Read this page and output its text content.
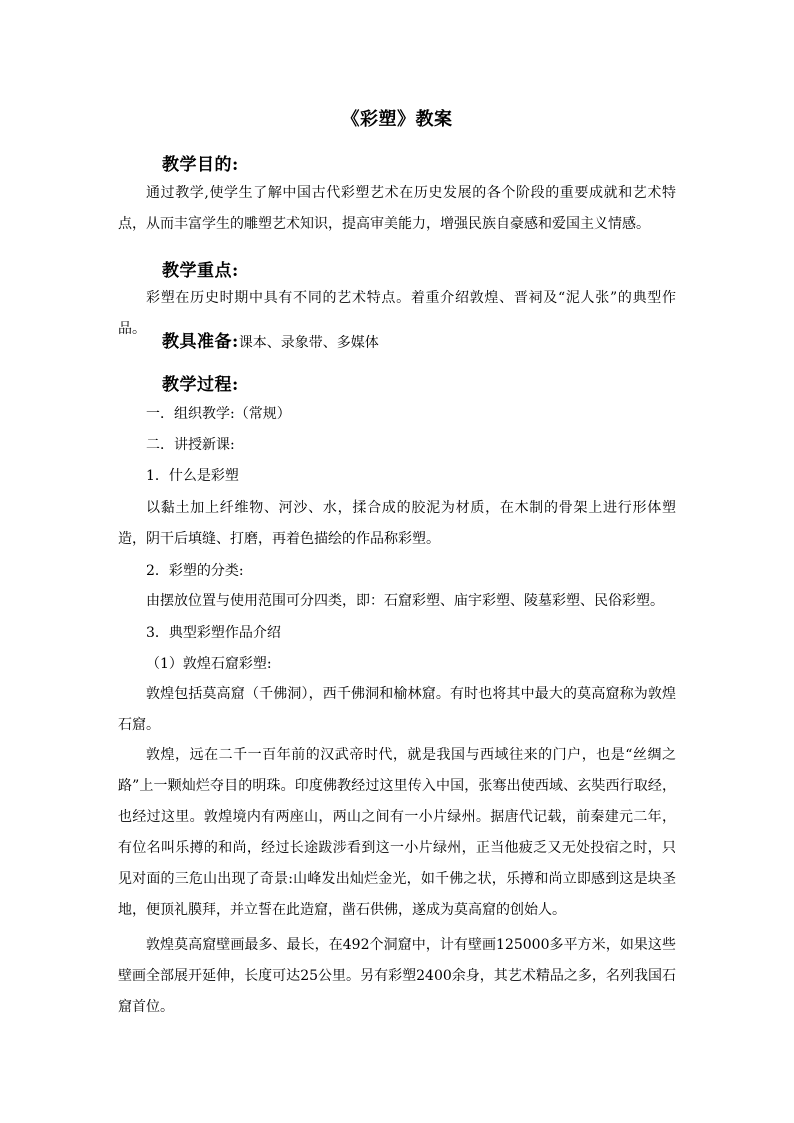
《彩塑》教案
教学目的:
通过教学,使学生了解中国古代彩塑艺术在历史发展的各个阶段的重要成就和艺术特点，从而丰富学生的雕塑艺术知识，提高审美能力，增强民族自豪感和爱国主义情感。
教学重点:
彩塑在历史时期中具有不同的艺术特点。着重介绍敦煌、晋祠及“泥人张”的典型作品。
教具准备:课本、录象带、多媒体
教学过程:
一．组织教学:（常规）
二．讲授新课:
1．什么是彩塑
以黏土加上纤维物、河沙、水，揉合成的胶泥为材质，在木制的骨架上进行形体塑造，阴干后填缝、打磨，再着色描绘的作品称彩塑。
2．彩塑的分类:
由摆放位置与使用范围可分四类，即：石窟彩塑、庙宇彩塑、陵墓彩塑、民俗彩塑。
3．典型彩塑作品介绍
（1）敦煌石窟彩塑:
敦煌包括莫高窟（千佛洞），西千佛洞和榆林窟。有时也将其中最大的莫高窟称为敦煌石窟。
敦煌，远在二千一百年前的汉武帝时代，就是我国与西域往来的门户，也是“丝绸之路”上一颗灿烂夺目的明珠。印度佛教经过这里传入中国，张骞出使西域、玄奘西行取经，也经过这里。敦煌境内有两座山，两山之间有一小片绿州。据唐代记载，前秦建元二年，有位名叫乐撙的和尚，经过长途跋涉看到这一小片绿州，正当他疲乏又无处投宿之时，只见对面的三危山出现了奇景:山峰发出灿烂金光，如千佛之状，乐撙和尚立即感到这是块圣地，便顶礼膜拜，并立誓在此造窟，凿石供佛，遂成为莫高窟的创始人。
敦煌莫高窟壁画最多、最长，在492个洞窟中，计有壁画125000多平方米，如果这些壁画全部展开延伸，长度可达25公里。另有彩塑2400余身，其艺术精品之多，名列我国石窟首位。
